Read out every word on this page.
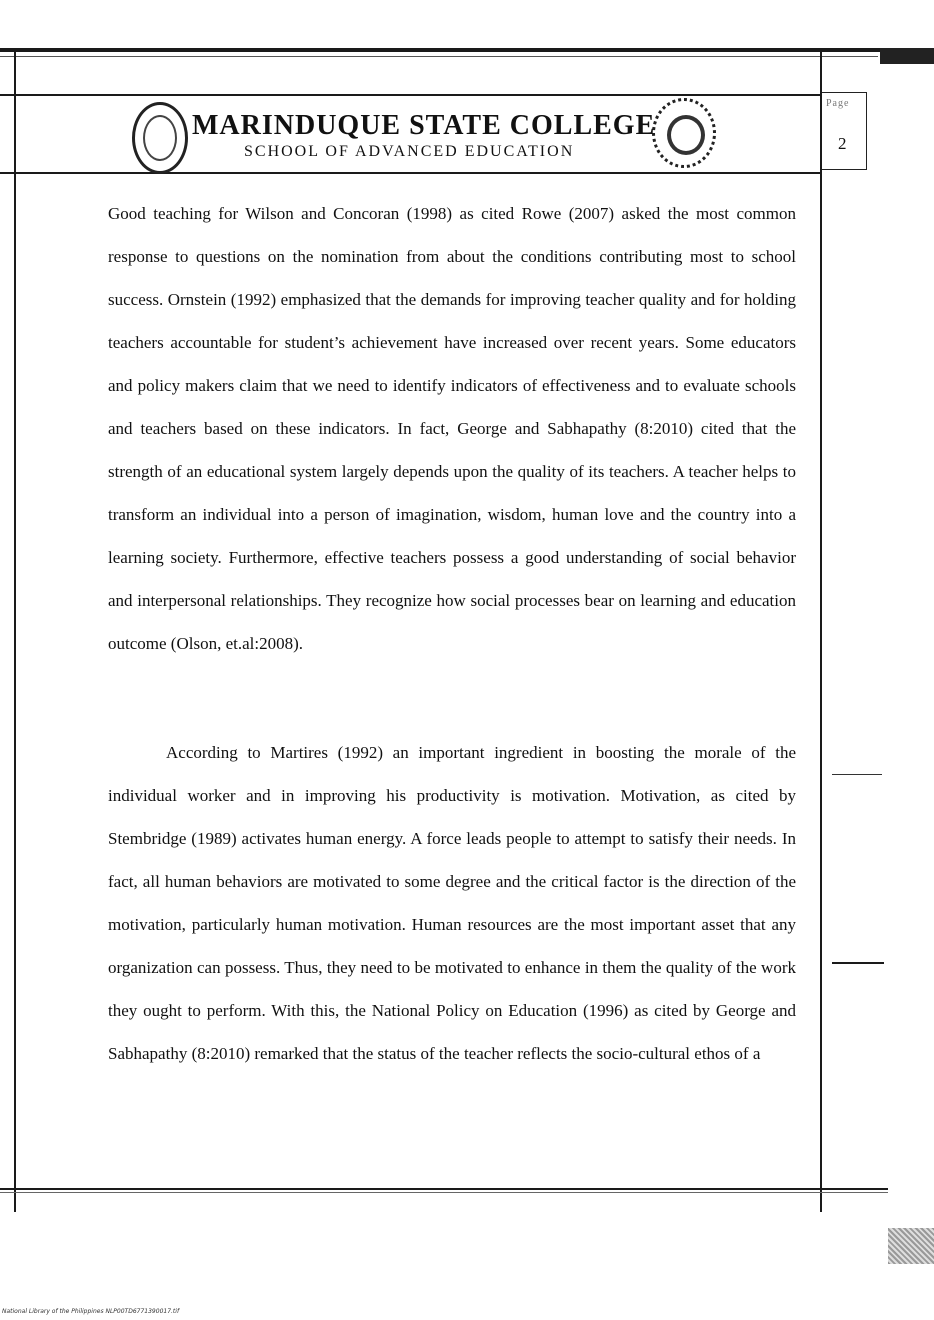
Page
2
MARINDUQUE STATE COLLEGE
SCHOOL OF ADVANCED EDUCATION

Good teaching for Wilson and Concoran (1998) as cited Rowe (2007) asked the most common response to questions on the nomination from about the conditions contributing most to school success. Ornstein (1992) emphasized that the demands for improving teacher quality and for holding teachers accountable for student’s achievement have increased over recent years. Some educators and policy makers claim that we need to identify indicators of effectiveness and to evaluate schools and teachers based on these indicators. In fact, George and Sabhapathy (8:2010) cited that the strength of an educational system largely depends upon the quality of its teachers. A teacher helps to transform an individual into a person of imagination, wisdom, human love and the country into a learning society. Furthermore, effective teachers possess a good understanding of social behavior and interpersonal relationships. They recognize how social processes bear on learning and education outcome (Olson, et.al:2008).

According to Martires (1992) an important ingredient in boosting the morale of the individual worker and in improving his productivity is motivation. Motivation, as cited by Stembridge (1989) activates human energy. A force leads people to attempt to satisfy their needs. In fact, all human behaviors are motivated to some degree and the critical factor is the direction of the motivation, particularly human motivation. Human resources are the most important asset that any organization can possess. Thus, they need to be motivated to enhance in them the quality of the work they ought to perform. With this, the National Policy on Education (1996) as cited by George and Sabhapathy (8:2010) remarked that the status of the teacher reflects the socio-cultural ethos of a

National Library of the Philippines NLP00TD6771390017.tif
